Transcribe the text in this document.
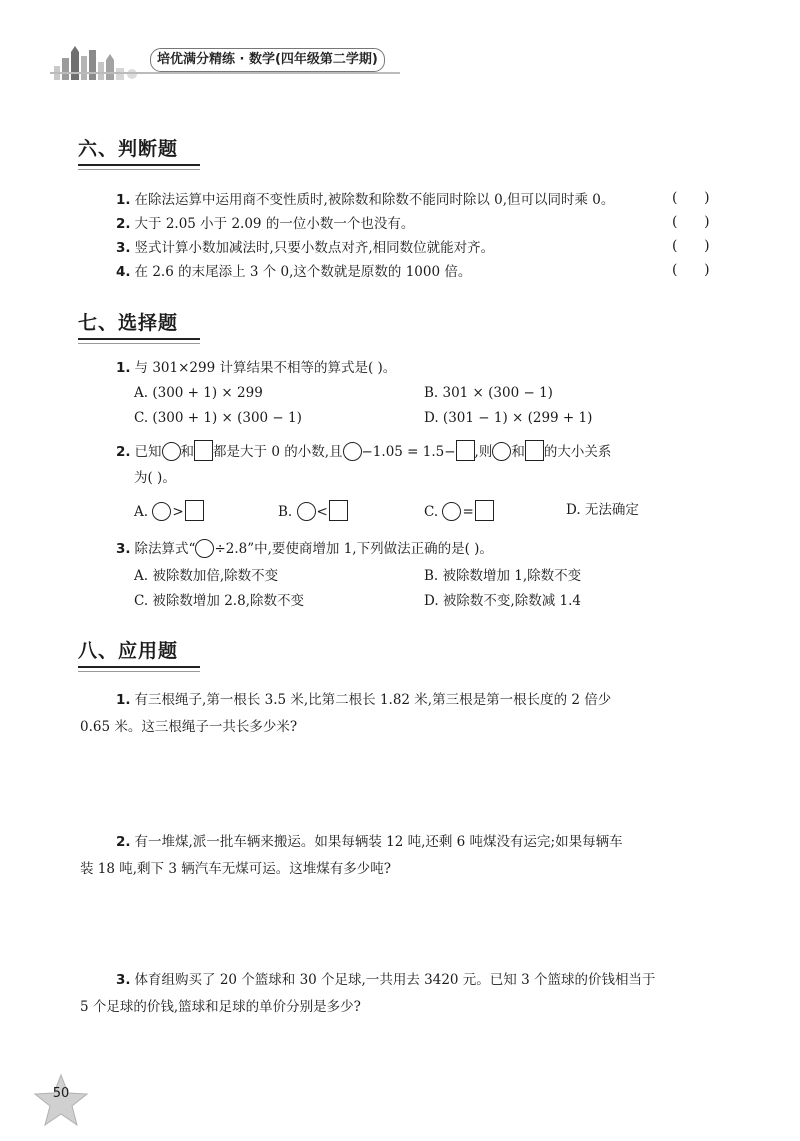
培优满分精练 · 数学(四年级第二学期)
六、判断题
1. 在除法运算中运用商不变性质时,被除数和除数不能同时除以 0,但可以同时乘 0。	(      )
2. 大于 2.05 小于 2.09 的一位小数一个也没有。	(      )
3. 竖式计算小数加减法时,只要小数点对齐,相同数位就能对齐。	(      )
4. 在 2.6 的末尾添上 3 个 0,这个数就是原数的 1000 倍。	(      )
七、选择题
1. 与 301×299 计算结果不相等的算式是( )。
A. (300 + 1) × 299	B. 301 × (300 − 1)
C. (300 + 1) × (300 − 1)	D. (301 − 1) × (299 + 1)
2. 已知 和 都是大于 0 的小数,且 −1.05 = 1.5− ,则 和 的大小关系
为( )。
A. >	B. <	C. =	D. 无法确定
3. 除法算式“ ÷2.8”中,要使商增加 1,下列做法正确的是( )。
A. 被除数加倍,除数不变	B. 被除数增加 1,除数不变
C. 被除数增加 2.8,除数不变	D. 被除数不变,除数减 1.4
八、应用题
1. 有三根绳子,第一根长 3.5 米,比第二根长 1.82 米,第三根是第一根长度的 2 倍少
0.65 米。这三根绳子一共长多少米?
2. 有一堆煤,派一批车辆来搬运。如果每辆装 12 吨,还剩 6 吨煤没有运完;如果每辆车
装 18 吨,剩下 3 辆汽车无煤可运。这堆煤有多少吨?
3. 体育组购买了 20 个篮球和 30 个足球,一共用去 3420 元。已知 3 个篮球的价钱相当于
5 个足球的价钱,篮球和足球的单价分别是多少?
50
